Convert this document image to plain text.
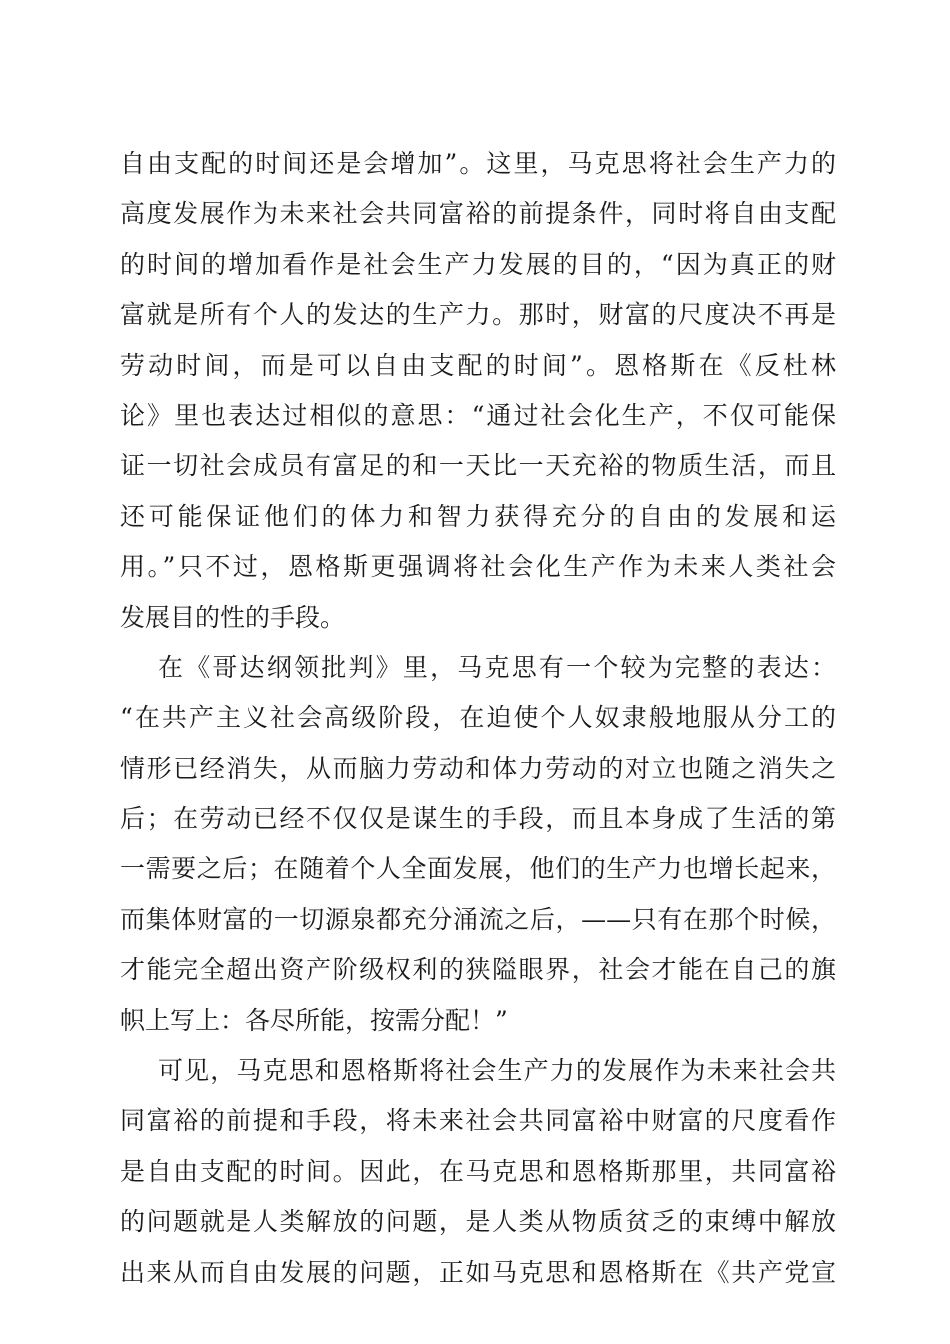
自由支配的时间还是会增加”。这里，马克思将社会生产力的
高度发展作为未来社会共同富裕的前提条件，同时将自由支配
的时间的增加看作是社会生产力发展的目的，“因为真正的财
富就是所有个人的发达的生产力。那时，财富的尺度决不再是
劳动时间，而是可以自由支配的时间”。恩格斯在《反杜林
论》里也表达过相似的意思：“通过社会化生产，不仅可能保
证一切社会成员有富足的和一天比一天充裕的物质生活，而且
还可能保证他们的体力和智力获得充分的自由的发展和运
用。”只不过，恩格斯更强调将社会化生产作为未来人类社会
发展目的性的手段。
在《哥达纲领批判》里，马克思有一个较为完整的表达：
“在共产主义社会高级阶段，在迫使个人奴隶般地服从分工的
情形已经消失，从而脑力劳动和体力劳动的对立也随之消失之
后；在劳动已经不仅仅是谋生的手段，而且本身成了生活的第
一需要之后；在随着个人全面发展，他们的生产力也增长起来，
而集体财富的一切源泉都充分涌流之后，——只有在那个时候，
才能完全超出资产阶级权利的狭隘眼界，社会才能在自己的旗
帜上写上：各尽所能，按需分配！”
可见，马克思和恩格斯将社会生产力的发展作为未来社会共
同富裕的前提和手段，将未来社会共同富裕中财富的尺度看作
是自由支配的时间。因此，在马克思和恩格斯那里，共同富裕
的问题就是人类解放的问题，是人类从物质贫乏的束缚中解放
出来从而自由发展的问题，正如马克思和恩格斯在《共产党宣
